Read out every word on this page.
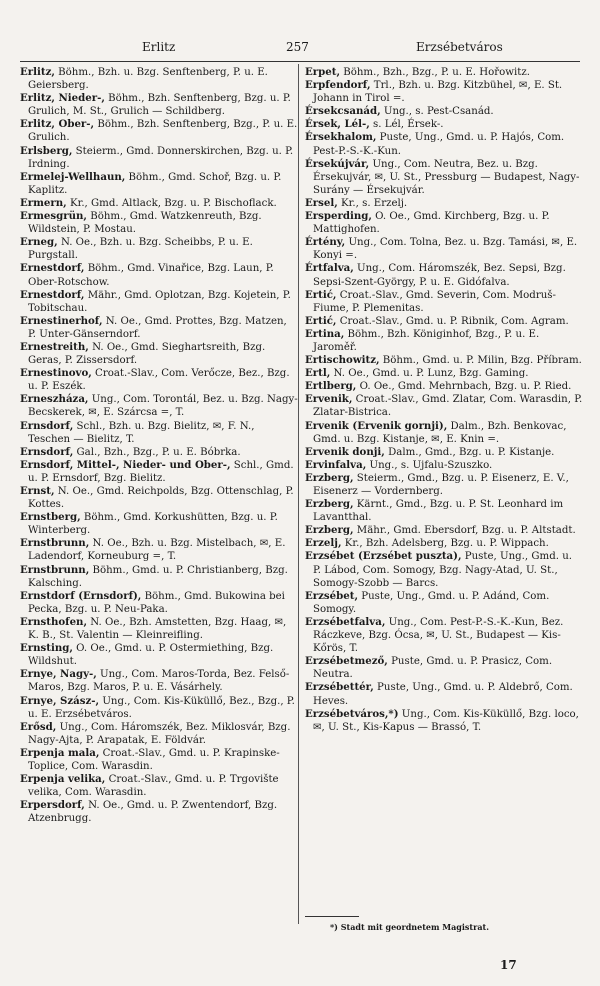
Erlitz	257	Erzsébetváros

Erlitz, Böhm., Bzh. u. Bzg. Senftenberg, P. u. E. Geiersberg.

Erlitz, Nieder-, Böhm., Bzh. Senftenberg, Bzg. u. P. Grulich, M. St., Grulich — Schildberg.

Erlitz, Ober-, Böhm., Bzh. Senftenberg, Bzg., P. u. E. Grulich.

Erlsberg, Steierm., Gmd. Donnerskirchen, Bzg. u. P. Irdning.

Ermelej-Wellhaun, Böhm., Gmd. Schoř, Bzg. u. P. Kaplitz.

Ermern, Kr., Gmd. Altlack, Bzg. u. P. Bischoflack.

Ermesgrün, Böhm., Gmd. Watzkenreuth, Bzg. Wildstein, P. Mostau.

Erneg, N. Oe., Bzh. u. Bzg. Scheibbs, P. u. E. Purgstall.

Ernestdorf, Böhm., Gmd. Vinařice, Bzg. Laun, P. Ober-Rotschow.

Ernestdorf, Mähr., Gmd. Oplotzan, Bzg. Kojetein, P. Tobitschau.

Ernestinerhof, N. Oe., Gmd. Prottes, Bzg. Matzen, P. Unter-Gänserndorf.

Ernestreith, N. Oe., Gmd. Sieghartsreith, Bzg. Geras, P. Zissersdorf.

Ernestinovo, Croat.-Slav., Com. Verőcze, Bez., Bzg. u. P. Eszék.

Erneszháza, Ung., Com. Torontál, Bez. u. Bzg. Nagy-Becskerek, ✉, E. Szárcsa =, T.

Ernsdorf, Schl., Bzh. u. Bzg. Bielitz, ✉, F. N., Teschen — Bielitz, T.

Ernsdorf, Gal., Bzh., Bzg., P. u. E. Bóbrka.

Ernsdorf, Mittel-, Nieder- und Ober-, Schl., Gmd. u. P. Ernsdorf, Bzg. Bielitz.

Ernst, N. Oe., Gmd. Reichpolds, Bzg. Ottenschlag, P. Kottes.

Ernstberg, Böhm., Gmd. Korkushütten, Bzg. u. P. Winterberg.

Ernstbrunn, N. Oe., Bzh. u. Bzg. Mistelbach, ✉, E. Ladendorf, Korneuburg =, T.

Ernstbrunn, Böhm., Gmd. u. P. Christianberg, Bzg. Kalsching.

Ernstdorf (Ernsdorf), Böhm., Gmd. Bukowina bei Pecka, Bzg. u. P. Neu-Paka.

Ernsthofen, N. Oe., Bzh. Amstetten, Bzg. Haag, ✉, K. B., St. Valentin — Kleinreifling.

Ernsting, O. Oe., Gmd. u. P. Ostermiething, Bzg. Wildshut.

Ernye, Nagy-, Ung., Com. Maros-Torda, Bez. Felső-Maros, Bzg. Maros, P. u. E. Vásárhely.

Ernye, Szász-, Ung., Com. Kis-Küküllő, Bez., Bzg., P. u. E. Erzsébetváros.

Erősd, Ung., Com. Háromszék, Bez. Miklosvár, Bzg. Nagy-Ajta, P. Arapatak, E. Földvár.

Erpenja mala, Croat.-Slav., Gmd. u. P. Krapinske-Toplice, Com. Warasdin.

Erpenja velika, Croat.-Slav., Gmd. u. P. Trgovište velika, Com. Warasdin.

Erpersdorf, N. Oe., Gmd. u. P. Zwentendorf, Bzg. Atzenbrugg.

Erpet, Böhm., Bzh., Bzg., P. u. E. Hořowitz.

Erpfendorf, Trl., Bzh. u. Bzg. Kitzbühel, ✉, E. St. Johann in Tirol =.

Érsekcsanád, Ung., s. Pest-Csanád.

Érsek, Lél-, s. Lél, Érsek-.

Érsekhalom, Puste, Ung., Gmd. u. P. Hajós, Com. Pest-P.-S.-K.-Kun.

Érsekújvár, Ung., Com. Neutra, Bez. u. Bzg. Érsekujvár, ✉, U. St., Pressburg — Budapest, Nagy-Surány — Érsekujvár.

Ersel, Kr., s. Erzelj.

Ersperding, O. Oe., Gmd. Kirchberg, Bzg. u. P. Mattighofen.

Értény, Ung., Com. Tolna, Bez. u. Bzg. Tamási, ✉, E. Konyi =.

Értfalva, Ung., Com. Háromszék, Bez. Sepsi, Bzg. Sepsi-Szent-György, P. u. E. Gidófalva.

Ertić, Croat.-Slav., Gmd. Severin, Com. Modruš-Fiume, P. Plemenitas.

Ertić, Croat.-Slav., Gmd. u. P. Ribnik, Com. Agram.

Ertina, Böhm., Bzh. Königinhof, Bzg., P. u. E. Jaroměř.

Ertischowitz, Böhm., Gmd. u. P. Milin, Bzg. Příbram.

Ertl, N. Oe., Gmd. u. P. Lunz, Bzg. Gaming.

Ertlberg, O. Oe., Gmd. Mehrnbach, Bzg. u. P. Ried.

Ervenik, Croat.-Slav., Gmd. Zlatar, Com. Warasdin, P. Zlatar-Bistrica.

Ervenik (Ervenik gornji), Dalm., Bzh. Benkovac, Gmd. u. Bzg. Kistanje, ✉, E. Knin =.

Ervenik donji, Dalm., Gmd., Bzg. u. P. Kistanje.

Ervinfalva, Ung., s. Ujfalu-Szuszko.

Erzberg, Steierm., Gmd., Bzg. u. P. Eisenerz, E. V., Eisenerz — Vordernberg.

Erzberg, Kärnt., Gmd., Bzg. u. P. St. Leonhard im Lavantthal.

Erzberg, Mähr., Gmd. Ebersdorf, Bzg. u. P. Altstadt.

Erzelj, Kr., Bzh. Adelsberg, Bzg. u. P. Wippach.

Erzsébet (Erzsébet puszta), Puste, Ung., Gmd. u. P. Lábod, Com. Somogy, Bzg. Nagy-Atad, U. St., Somogy-Szobb — Barcs.

Erzsébet, Puste, Ung., Gmd. u. P. Adánd, Com. Somogy.

Erzsébetfalva, Ung., Com. Pest-P.-S.-K.-Kun, Bez. Ráczkeve, Bzg. Ócsa, ✉, U. St., Budapest — Kis-Kőrös, T.

Erzsébetmező, Puste, Gmd. u. P. Prasicz, Com. Neutra.

Erzsébettér, Puste, Ung., Gmd. u. P. Aldebrő, Com. Heves.

Erzsébetváros,*) Ung., Com. Kis-Küküllő, Bzg. loco, ✉, U. St., Kis-Kapus — Brassó, T.

*) Stadt mit geordnetem Magistrat.
17
